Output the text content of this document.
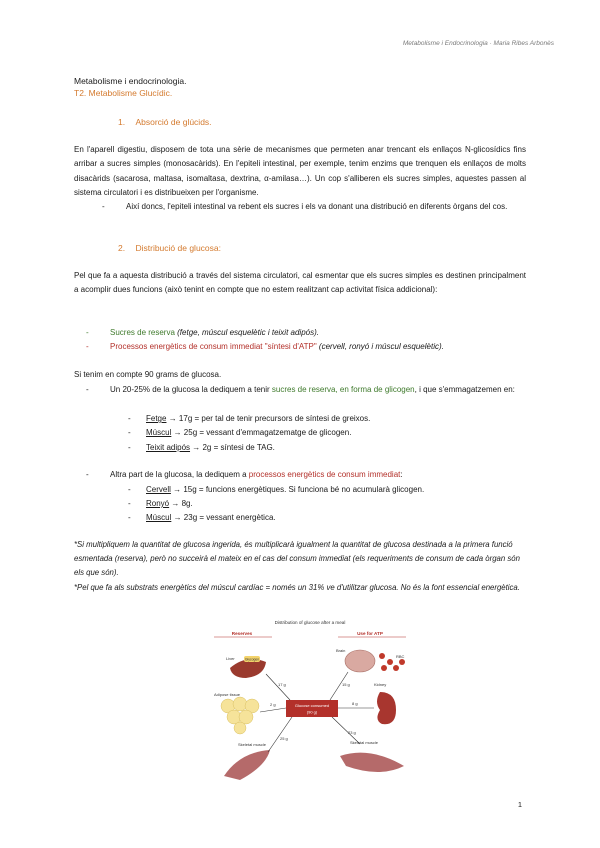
Metabolisme i Endocrinologia · Maria Ribes Arbonès
Metabolisme i endocrinologia.
T2. Metabolisme Glucídic.
1. Absorció de glúcids.
En l'aparell digestiu, disposem de tota una sèrie de mecanismes que permeten anar trencant els enllaços N-glicosídics fins arribar a sucres simples (monosacàrids). En l'epiteli intestinal, per exemple, tenim enzims que trenquen els enllaços de molts disacàrids (sacarosa, maltasa, isomaltasa, dextrina, α-amilasa…). Un cop s'alliberen els sucres simples, aquestes passen al sistema circulatori i es distribueixen per l'organisme.
-	Així doncs, l'epiteli intestinal va rebent els sucres i els va donant una distribució en diferents òrgans del cos.
2. Distribució de glucosa:
Pel que fa a aquesta distribució a través del sistema circulatori, cal esmentar que els sucres simples es destinen principalment a acomplir dues funcions (això tenint en compte que no estem realitzant cap activitat física addicional):
-	Sucres de reserva (fetge, múscul esquelètic i teixit adipós).
-	Processos energètics de consum immediat "síntesi d'ATP" (cervell, ronyó i múscul esquelètic).
Si tenim en compte 90 grams de glucosa.
-	Un 20-25% de la glucosa la dediquem a tenir sucres de reserva, en forma de glicogen, i que s'emmagatzemen en:
-	Fetge → 17g = per tal de tenir precursors de síntesi de greixos.
-	Múscul → 25g = vessant d'emmagatzematge de glicogen.
-	Teixit adipós → 2g = síntesi de TAG.
-	Altra part de la glucosa, la dediquem a processos energètics de consum immediat:
-	Cervell → 15g = funcions energètiques. Si funciona bé no acumularà glicogen.
-	Ronyó → 8g.
-	Múscul → 23g = vessant energètica.
*Si multipliquem la quantitat de glucosa ingerida, és multiplicarà igualment la quantitat de glucosa destinada a la primera funció esmentada (reserva), però no succeirà el mateix en el cas del consum immediat (els requeriments de consum de cada òrgan són els que són).
*Pel que fa als substrats energètics del múscul cardíac = només un 31% ve d'utilitzar glucosa. No és la font essencial energètica.
Distribution of glucose after a meal
Reserves	Use for ATP
Liver	Glycogen
Adipose tissue
Skeletal muscle
Brain
RBC
Kidney
Skeletal muscle
Glucose consumed
(90 g)
17 g
2 g
25 g
15 g
8 g
23 g
1
